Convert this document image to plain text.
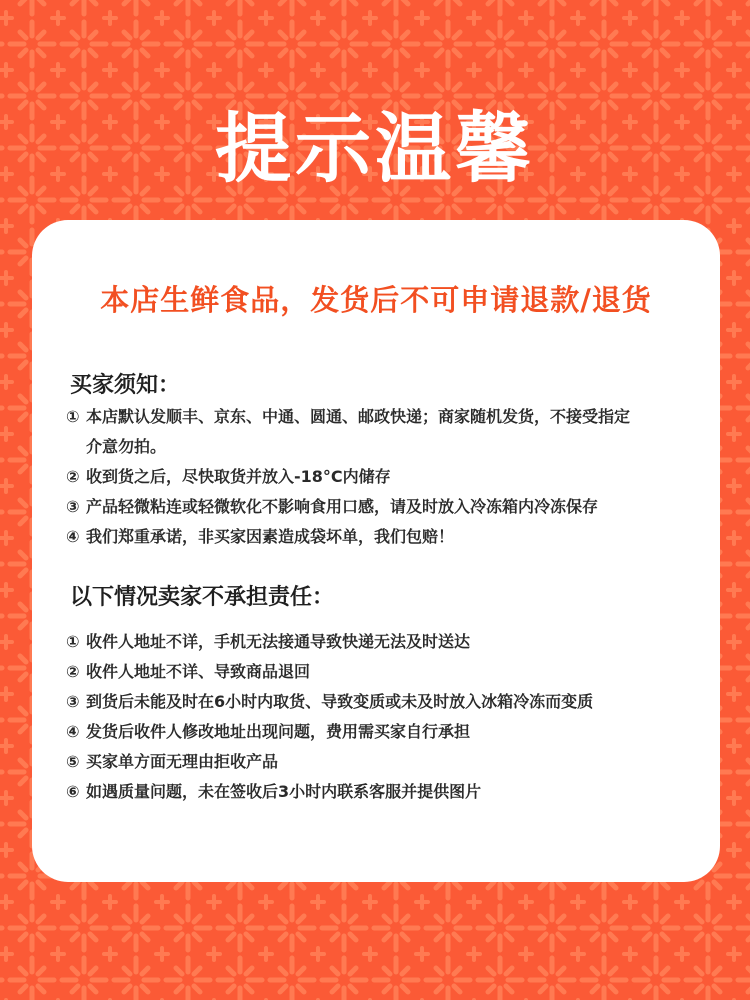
提示温馨
本店生鲜食品，发货后不可申请退款/退货
买家须知：
① 本店默认发顺丰、京东、中通、圆通、邮政快递；商家随机发货，不接受指定
介意勿拍。
② 收到货之后，尽快取货并放入-18°C内储存
③ 产品轻微粘连或轻微软化不影响食用口感，请及时放入冷冻箱内冷冻保存
④ 我们郑重承诺，非买家因素造成袋坏单，我们包赔！
以下情况卖家不承担责任：
① 收件人地址不详，手机无法接通导致快递无法及时送达
② 收件人地址不详、导致商品退回
③ 到货后未能及时在6小时内取货、导致变质或未及时放入冰箱冷冻而变质
④ 发货后收件人修改地址出现问题，费用需买家自行承担
⑤ 买家单方面无理由拒收产品
⑥ 如遇质量问题，未在签收后3小时内联系客服并提供图片
